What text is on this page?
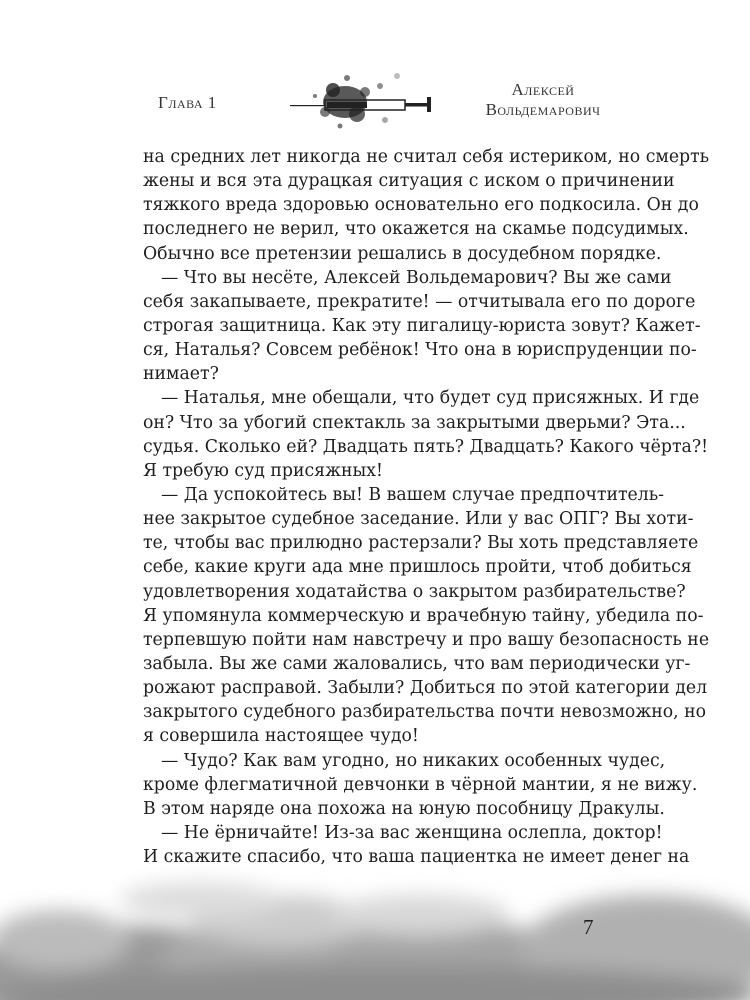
Глава 1
Алексей
Вольдемарович
на средних лет никогда не считал себя истериком, но смерть
жены и вся эта дурацкая ситуация с иском о причинении
тяжкого вреда здоровью основательно его подкосила. Он до
последнего не верил, что окажется на скамье подсудимых.
Обычно все претензии решались в досудебном порядке.
— Что вы несёте, Алексей Вольдемарович? Вы же сами
себя закапываете, прекратите! — отчитывала его по дороге
строгая защитница. Как эту пигалицу-юриста зовут? Кажет-
ся, Наталья? Совсем ребёнок! Что она в юриспруденции по-
нимает?
— Наталья, мне обещали, что будет суд присяжных. И где
он? Что за убогий спектакль за закрытыми дверьми? Эта...
судья. Сколько ей? Двадцать пять? Двадцать? Какого чёрта?!
Я требую суд присяжных!
— Да успокойтесь вы! В вашем случае предпочтитель-
нее закрытое судебное заседание. Или у вас ОПГ? Вы хоти-
те, чтобы вас прилюдно растерзали? Вы хоть представляете
себе, какие круги ада мне пришлось пройти, чтоб добиться
удовлетворения ходатайства о закрытом разбирательстве?
Я упомянула коммерческую и врачебную тайну, убедила по-
терпевшую пойти нам навстречу и про вашу безопасность не
забыла. Вы же сами жаловались, что вам периодически уг-
рожают расправой. Забыли? Добиться по этой категории дел
закрытого судебного разбирательства почти невозможно, но
я совершила настоящее чудо!
— Чудо? Как вам угодно, но никаких особенных чудес,
кроме флегматичной девчонки в чёрной мантии, я не вижу.
В этом наряде она похожа на юную пособницу Дракулы.
— Не ёрничайте! Из-за вас женщина ослепла, доктор!
И скажите спасибо, что ваша пациентка не имеет денег на
7
